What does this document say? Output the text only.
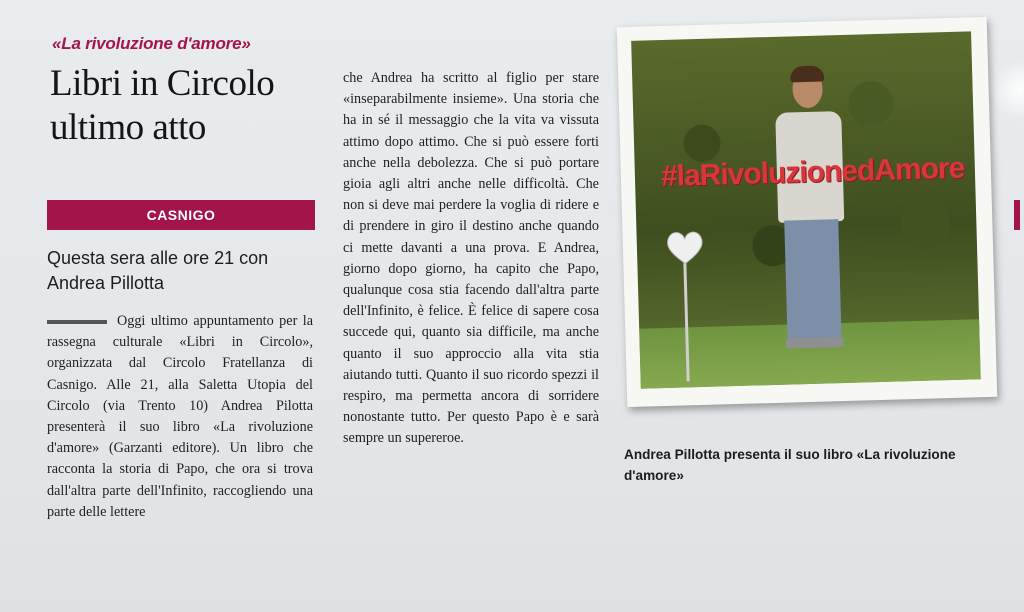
«La rivoluzione d'amore»
Libri in Circolo ultimo atto
CASNIGO
Questa sera alle ore 21 con Andrea Pillotta
Oggi ultimo appuntamento per la rassegna culturale «Libri in Circolo», organizzata dal Circolo Fratellanza di Casnigo. Alle 21, alla Saletta Utopia del Circolo (via Trento 10) Andrea Pilotta presenterà il suo libro «La rivoluzione d'amore» (Garzanti editore). Un libro che racconta la storia di Papo, che ora si trova dall'altra parte dell'Infinito, raccogliendo una parte delle lettere
che Andrea ha scritto al figlio per stare «inseparabilmente insieme». Una storia che ha in sé il messaggio che la vita va vissuta attimo dopo attimo. Che si può essere forti anche nella debolezza. Che si può portare gioia agli altri anche nelle difficoltà. Che non si deve mai perdere la voglia di ridere e di prendere in giro il destino anche quando ci mette davanti a una prova. E Andrea, giorno dopo giorno, ha capito che Papo, qualunque cosa stia facendo dall'altra parte dell'Infinito, è felice. È felice di sapere cosa succede qui, quanto sia difficile, ma anche quanto il suo approccio alla vita stia aiutando tutti. Quanto il suo ricordo spezzi il respiro, ma permetta ancora di sorridere nonostante tutto. Per questo Papo è e sarà sempre un supereroe.
#laRivoluzionedAmore
Andrea Pillotta presenta il suo libro «La rivoluzione d'amore»
